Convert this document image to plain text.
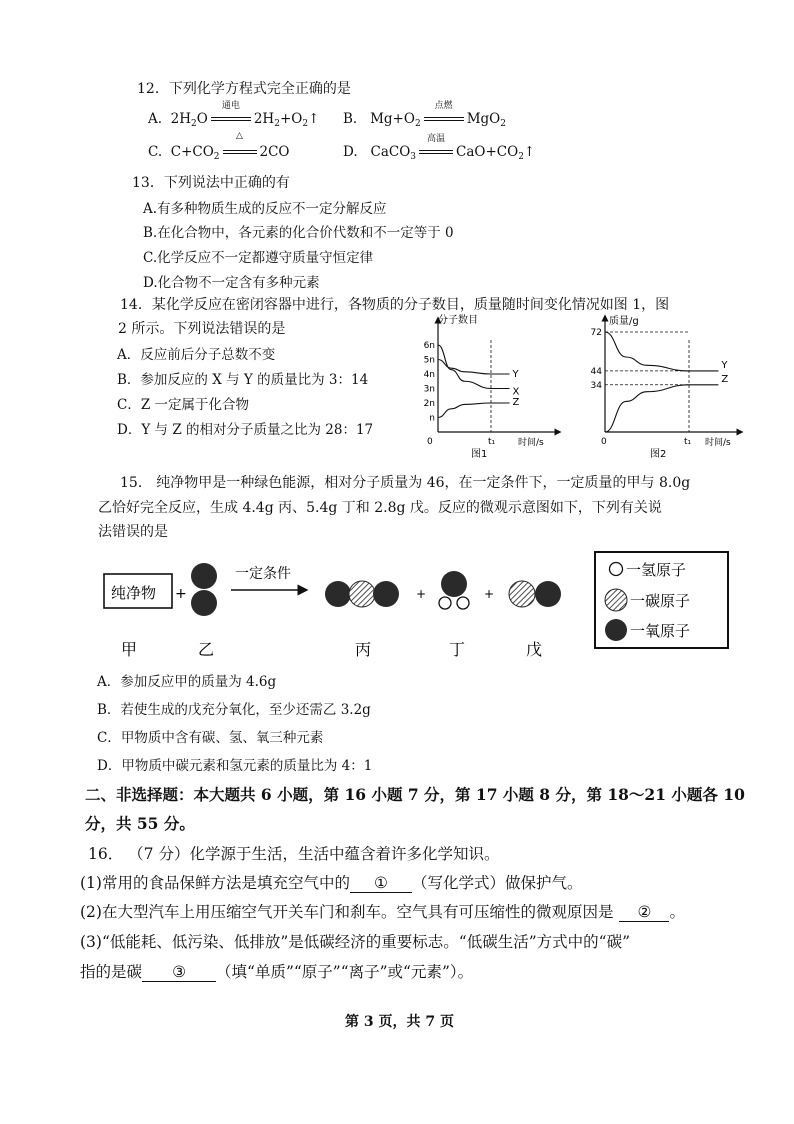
12．下列化学方程式完全正确的是
A. $2H_2O$
通电
$2H_2+O_2↑$ B. $Mg+O_2$
点燃
MgO$_2$
C. $C+CO_2$
△
2CO	D. CaCO$_3$
高温
$CaO+CO_2↑$
13．下列说法中正确的有
A.有多种物质生成的反应不一定分解反应
B.在化合物中，各元素的化合价代数和不一定等于 0
C.化学反应不一定都遵守质量守恒定律
D.化合物不一定含有多种元素
14．某化学反应在密闭容器中进行，各物质的分子数目，质量随时间变化情况如图 1，图
2 所示。下列说法错误的是
A．反应前后分子总数不变
B．参加反应的 X 与 Y 的质量比为 3：14
C．Z 一定属于化合物
D．Y 与 Z 的相对分子质量之比为 28：17
分子数目
时间/s
0	t₁
6n
5n
4n
3n
2n
n
Y
X
Z
图1
质量/g
时间/s
0	t₁
72
44
34
Y
Z
图2
15． 纯净物甲是一种绿色能源，相对分子质量为 46，在一定条件下，一定质量的甲与 8.0g
乙恰好完全反应，生成 4.4g 丙、5.4g 丁和 2.8g 戊。反应的微观示意图如下，下列有关说
法错误的是
纯净物 +
一定条件
+	+
一氢原子
一碳原子
一氧原子
甲	乙	丙	丁	戊
A．参加反应甲的质量为 4.6g
B．若使生成的戊充分氧化，至少还需乙 3.2g
C．甲物质中含有碳、氢、氧三种元素
D．甲物质中碳元素和氢元素的质量比为 4：1
二、非选择题：本大题共 6 小题，第 16 小题 7 分，第 17 小题 8 分，第 18～21 小题各 10
分，共 55 分。
16． （7 分）化学源于生活，生活中蕴含着许多化学知识。
(1)常用的食品保鲜方法是填充空气中的 ① （写化学式）做保护气。
(2)在大型汽车上用压缩空气开关车门和刹车。空气具有可压缩性的微观原因是 ② 。
(3)“低能耗、低污染、低排放”是低碳经济的重要标志。“低碳生活”方式中的“碳”
指的是碳 ③ （填“单质”“原子”“离子”或“元素”）。
第 3 页，共 7 页
